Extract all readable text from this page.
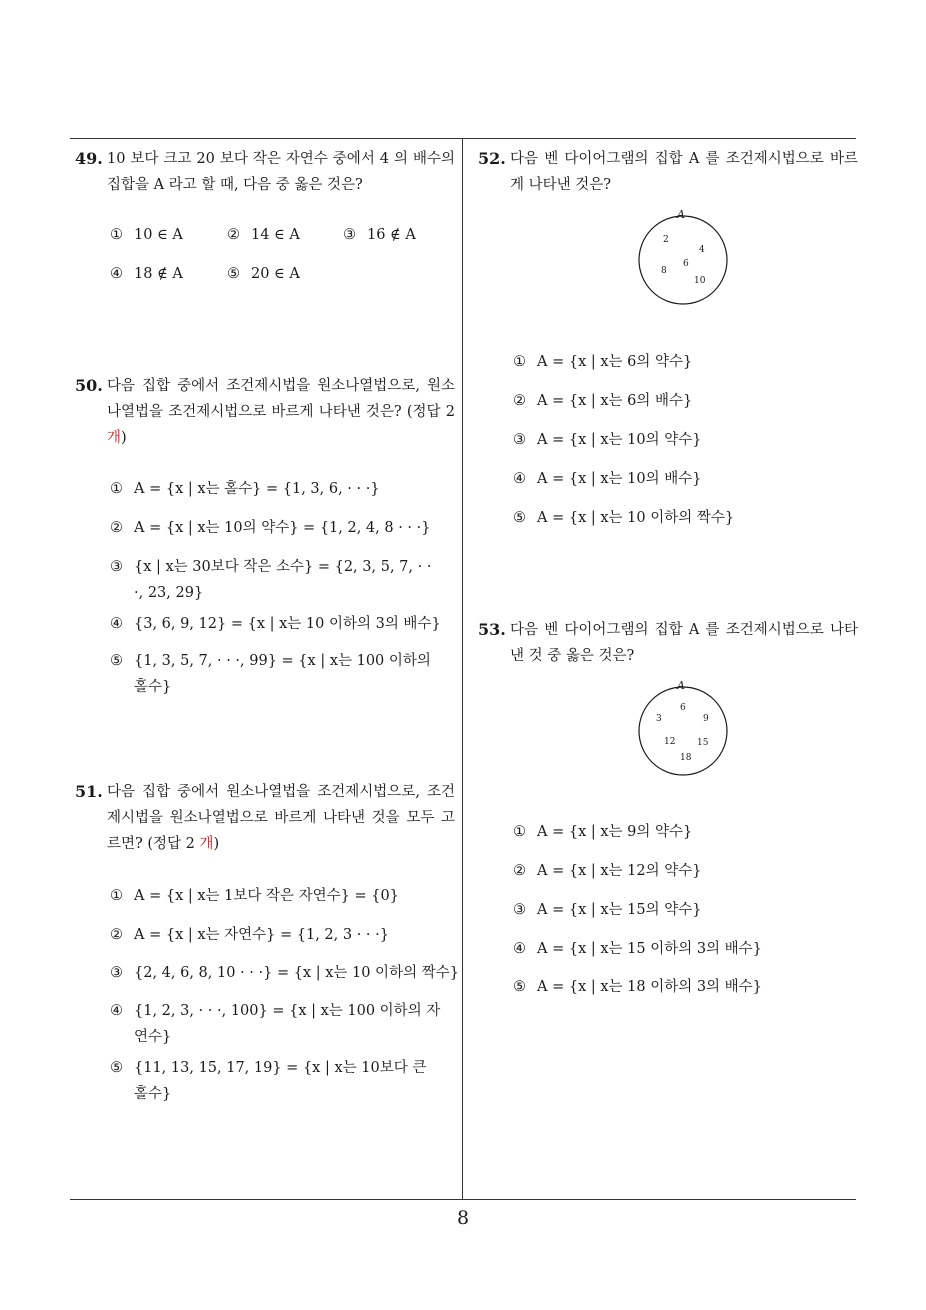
49. 10 보다 크고 20 보다 작은 자연수 중에서 4 의 배수의 집합을 A 라고 할 때, 다음 중 옳은 것은?
① 10 ∈ A	② 14 ∈ A	③ 16 ∉ A
④ 18 ∉ A	⑤ 20 ∈ A
50. 다음 집합 중에서 조건제시법을 원소나열법으로, 원소나열법을 조건제시법으로 바르게 나타낸 것은? (정답 2 개)
① A = {x | x는 홀수} = {1, 3, 6, · · ·}
② A = {x | x는 10의 약수} = {1, 2, 4, 8 · · ·}
③ {x | x는 30보다 작은 소수} = {2, 3, 5, 7, · · ·, 23, 29}
④ {3, 6, 9, 12} = {x | x는 10 이하의 3의 배수}
⑤ {1, 3, 5, 7, · · ·, 99} = {x | x는 100 이하의 홀수}
51. 다음 집합 중에서 원소나열법을 조건제시법으로, 조건제시법을 원소나열법으로 바르게 나타낸 것을 모두 고르면? (정답 2 개)
① A = {x | x는 1보다 작은 자연수} = {0}
② A = {x | x는 자연수} = {1, 2, 3 · · ·}
③ {2, 4, 6, 8, 10 · · ·} = {x | x는 10 이하의 짝수}
④ {1, 2, 3, · · ·, 100} = {x | x는 100 이하의 자연수}
⑤ {11, 13, 15, 17, 19} = {x | x는 10보다 큰 홀수}
52. 다음 벤 다이어그램의 집합 A 를 조건제시법으로 바르게 나타낸 것은?
A
2
4
6
8
10
① A = {x | x는 6의 약수}
② A = {x | x는 6의 배수}
③ A = {x | x는 10의 약수}
④ A = {x | x는 10의 배수}
⑤ A = {x | x는 10 이하의 짝수}
53. 다음 벤 다이어그램의 집합 A 를 조건제시법으로 나타낸 것 중 옳은 것은?
A
3
6
9
12 15
18
① A = {x | x는 9의 약수}
② A = {x | x는 12의 약수}
③ A = {x | x는 15의 약수}
④ A = {x | x는 15 이하의 3의 배수}
⑤ A = {x | x는 18 이하의 3의 배수}
8
